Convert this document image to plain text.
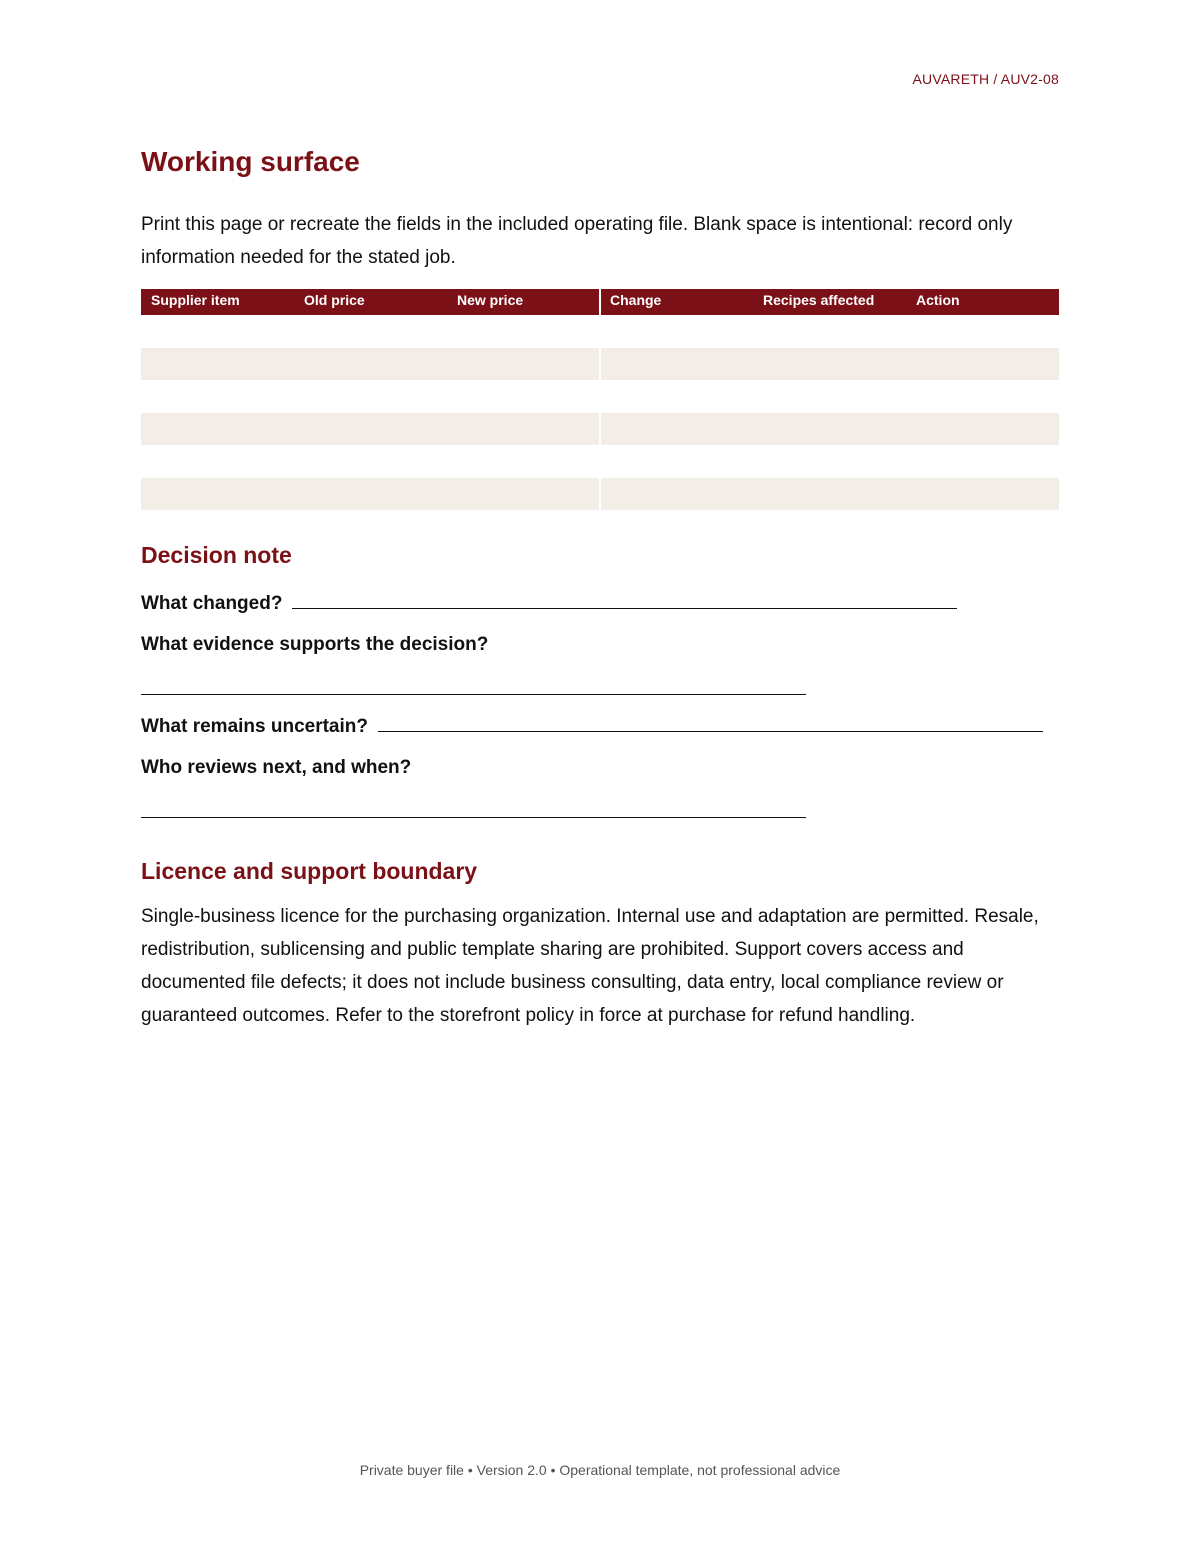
AUVARETH / AUV2-08
Working surface

Print this page or recreate the fields in the included operating file. Blank space is intentional: record only information needed for the stated job.

Supplier item	Old price	New price	Change	Recipes affected	Action
Decision note
What changed?
What evidence supports the decision?
What remains uncertain?
Who reviews next, and when?
Licence and support boundary

Single-business licence for the purchasing organization. Internal use and adaptation are permitted. Resale, redistribution, sublicensing and public template sharing are prohibited. Support covers access and documented file defects; it does not include business consulting, data entry, local compliance review or guaranteed outcomes. Refer to the storefront policy in force at purchase for refund handling.

Private buyer file • Version 2.0 • Operational template, not professional advice
